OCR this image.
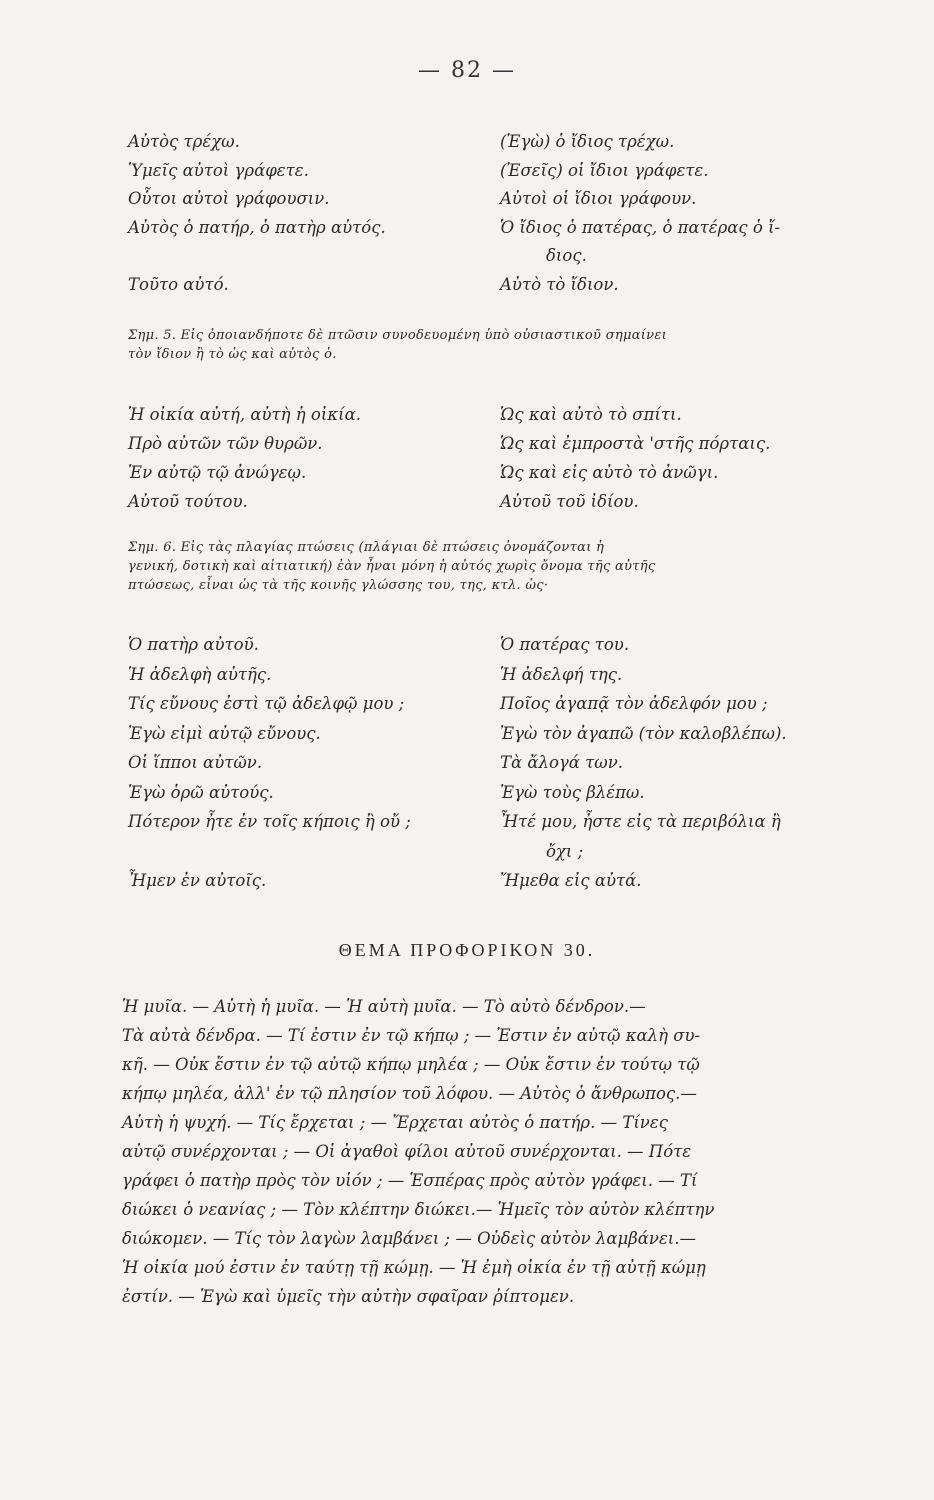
— 82 —
Αὐτὸς τρέχω.	(Ἐγὼ) ὁ ἴδιος τρέχω.
Ὑμεῖς αὐτοὶ γράφετε.	(Ἐσεῖς) οἱ ἴδιοι γράφετε.
Οὗτοι αὐτοὶ γράφουσιν.	Αὐτοὶ οἱ ἴδιοι γράφουν.
Αὐτὸς ὁ πατήρ, ὁ πατὴρ αὐτός.	Ὁ ἴδιος ὁ πατέρας, ὁ πατέρας ὁ ἴ-
διος.
Τοῦτο αὐτό.	Αὐτὸ τὸ ἴδιον.
Σημ. 5. Εἰς ὁποιανδήποτε δὲ πτῶσιν συνοδευομένη ὑπὸ οὐσιαστικοῦ σημαίνει
τὸν ἴδιον ἢ τὸ ὡς καὶ αὐτὸς ὁ.
Ἡ οἰκία αὐτή, αὐτὴ ἡ οἰκία.	Ὡς καὶ αὐτὸ τὸ σπίτι.
Πρὸ αὐτῶν τῶν θυρῶν.	Ὡς καὶ ἐμπροστὰ 'στῆς πόρταις.
Ἐν αὐτῷ τῷ ἀνώγεῳ.	Ὡς καὶ εἰς αὐτὸ τὸ ἀνῶγι.
Αὐτοῦ τούτου.	Αὐτοῦ τοῦ ἰδίου.
Σημ. 6. Εἰς τὰς πλαγίας πτώσεις (πλάγιαι δὲ πτώσεις ὀνομάζονται ἡ
γενική, δοτικὴ καὶ αἰτιατική) ἐὰν ἦναι μόνη ἡ αὐτός χωρὶς ὄνομα τῆς αὐτῆς
πτώσεως, εἶναι ὡς τὰ τῆς κοινῆς γλώσσης του, της, κτλ. ὡς·
Ὁ πατὴρ αὐτοῦ.	Ὁ πατέρας του.
Ἡ ἀδελφὴ αὐτῆς.	Ἡ ἀδελφή της.
Τίς εὔνους ἐστὶ τῷ ἀδελφῷ μου ;	Ποῖος ἀγαπᾷ τὸν ἀδελφόν μου ;
Ἐγὼ εἰμὶ αὐτῷ εὔνους.	Ἐγὼ τὸν ἀγαπῶ (τὸν καλοβλέπω).
Οἱ ἵπποι αὐτῶν.	Τὰ ἄλογά των.
Ἐγὼ ὁρῶ αὐτούς.	Ἐγὼ τοὺς βλέπω.
Πότερον ἦτε ἐν τοῖς κήποις ἢ οὔ ;	Ἦτέ μου, ἦστε εἰς τὰ περιβόλια ἢ
ὄχι ;
Ἦμεν ἐν αὐτοῖς.	Ἤμεθα εἰς αὐτά.
ΘΕΜΑ ΠΡΟΦΟΡΙΚΟΝ 30.
Ἡ μυῖα. — Αὐτὴ ἡ μυῖα. — Ἡ αὐτὴ μυῖα. — Τὸ αὐτὸ δένδρον.—
Τὰ αὐτὰ δένδρα. — Τί ἐστιν ἐν τῷ κήπῳ ; — Ἐστιν ἐν αὐτῷ καλὴ συ-
κῆ. — Οὐκ ἔστιν ἐν τῷ αὐτῷ κήπῳ μηλέα ; — Οὐκ ἔστιν ἐν τούτῳ τῷ
κήπῳ μηλέα, ἀλλ' ἐν τῷ πλησίον τοῦ λόφου. — Αὐτὸς ὁ ἄνθρωπος.—
Αὐτὴ ἡ ψυχή. — Τίς ἔρχεται ; — Ἔρχεται αὐτὸς ὁ πατήρ. — Τίνες
αὐτῷ συνέρχονται ; — Οἱ ἀγαθοὶ φίλοι αὐτοῦ συνέρχονται. — Πότε
γράφει ὁ πατὴρ πρὸς τὸν υἱόν ; — Ἑσπέρας πρὸς αὐτὸν γράφει. — Τί
διώκει ὁ νεανίας ; — Τὸν κλέπτην διώκει.— Ἡμεῖς τὸν αὐτὸν κλέπτην
διώκομεν. — Τίς τὸν λαγὼν λαμβάνει ; — Οὐδεὶς αὐτὸν λαμβάνει.—
Ἡ οἰκία μού ἐστιν ἐν ταύτῃ τῇ κώμῃ. — Ἡ ἐμὴ οἰκία ἐν τῇ αὐτῇ κώμῃ
ἐστίν. — Ἐγὼ καὶ ὑμεῖς τὴν αὐτὴν σφαῖραν ῥίπτομεν.
